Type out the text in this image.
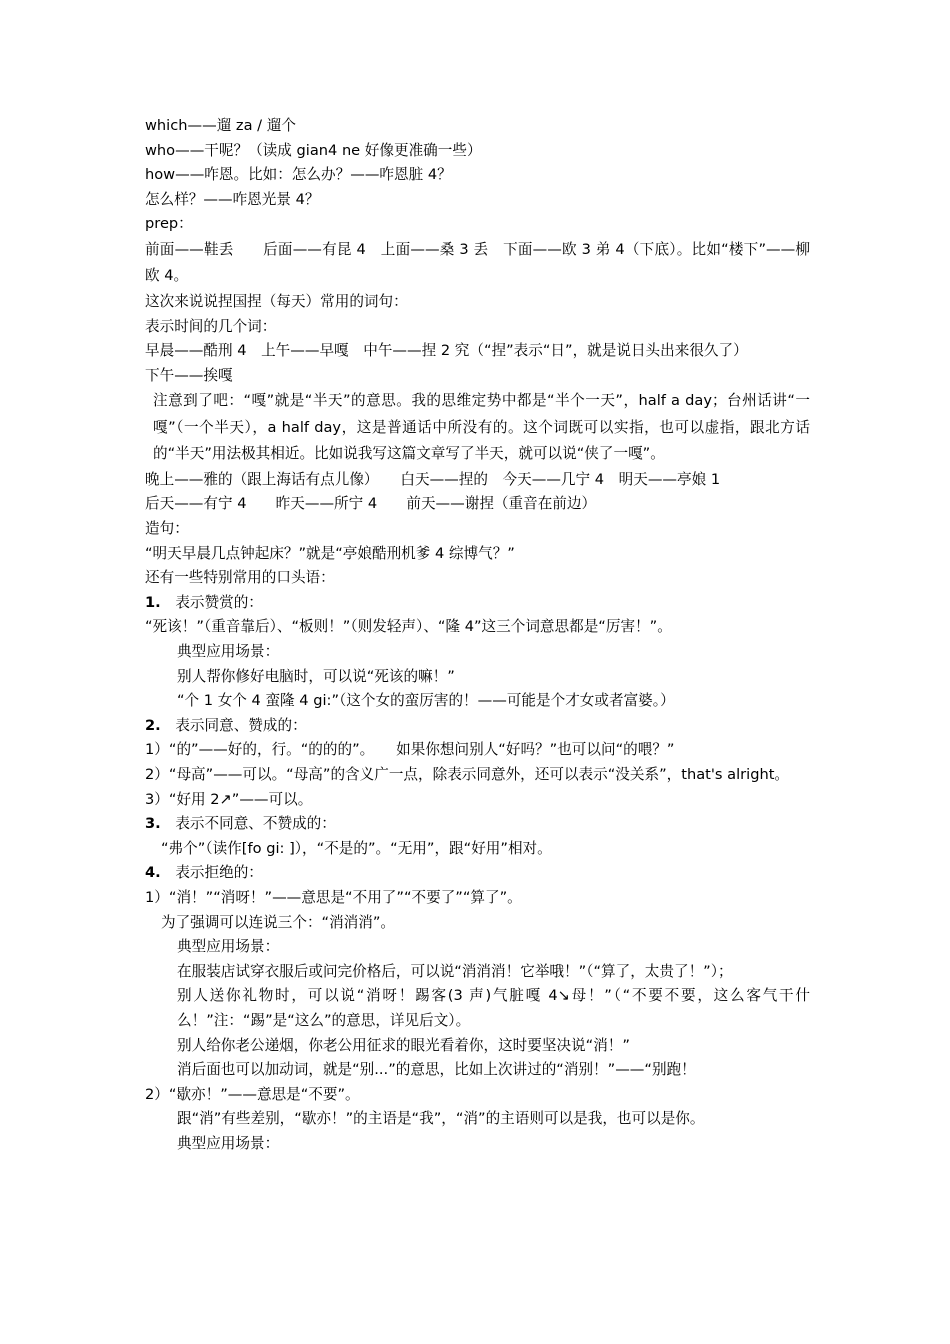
which——遛 za / 遛个
who——干呢？（读成 gian4 ne 好像更准确一些）
how——咋恩。比如：怎么办？——咋恩脏 4？
怎么样？——咋恩光景 4？
prep：
前面——鞋丢　　后面——有昆 4　上面——桑 3 丢　下面——欧 3 弟 4（下底）。比如“楼下”——柳欧 4。
这次来说说捏国捏（每天）常用的词句：
表示时间的几个词：
早晨——酷刑 4　上午——早嘎　中午——捏 2 究（“捏”表示“日”，就是说日头出来很久了）
下午——挨嘎
注意到了吧：“嘎”就是“半天”的意思。我的思维定势中都是“半个一天”，half a day；台州话讲“一嘎”（一个半天），a half day，这是普通话中所没有的。这个词既可以实指，也可以虚指，跟北方话的“半天”用法极其相近。比如说我写这篇文章写了半天，就可以说“侠了一嘎”。
晚上——雅的（跟上海话有点儿像）　　白天——捏的　今天——几宁 4　明天——亭娘 1
后天——有宁 4　　昨天——所宁 4　　前天——谢捏（重音在前边）
造句：
“明天早晨几点钟起床？”就是“亭娘酷刑机爹 4 综博气？”
还有一些特别常用的口头语：
1.　 表示赞赏的：
“死该！”（重音靠后）、“板则！”（则发轻声）、“隆 4”这三个词意思都是“厉害！”。
典型应用场景：
别人帮你修好电脑时，可以说“死该的嘛！”
“个 1 女个 4 蛮隆 4 gi:”（这个女的蛮厉害的！——可能是个才女或者富婆。）
2.　 表示同意、赞成的：
1）“的”——好的，行。“的的的”。　　如果你想问别人“好吗？”也可以问“的喂？”
2）“母高”——可以。“母高”的含义广一点，除表示同意外，还可以表示“没关系”，that's alright。
3）“好用 2↗”——可以。
3.　 表示不同意、不赞成的：
“弗个”（读作[fo gi: ]），“不是的”。“无用”，跟“好用”相对。
4.　 表示拒绝的：
1）“消！”“消呀！”——意思是“不用了”“不要了”“算了”。
为了强调可以连说三个：“消消消”。
典型应用场景：
在服装店试穿衣服后或问完价格后，可以说“消消消！它举哦！”（“算了，太贵了！”）；
别人送你礼物时，可以说“消呀！踢客(3 声)气脏嘎 4↘母！”（“不要不要，这么客气干什么！”注：“踢”是“这么”的意思，详见后文）。
别人给你老公递烟，你老公用征求的眼光看着你，这时要坚决说“消！”
消后面也可以加动词，就是“别...”的意思，比如上次讲过的“消别！”——“别跑！
2）“歇亦！”——意思是“不要”。
跟“消”有些差别，“歇亦！”的主语是“我”，“消”的主语则可以是我，也可以是你。
典型应用场景：
